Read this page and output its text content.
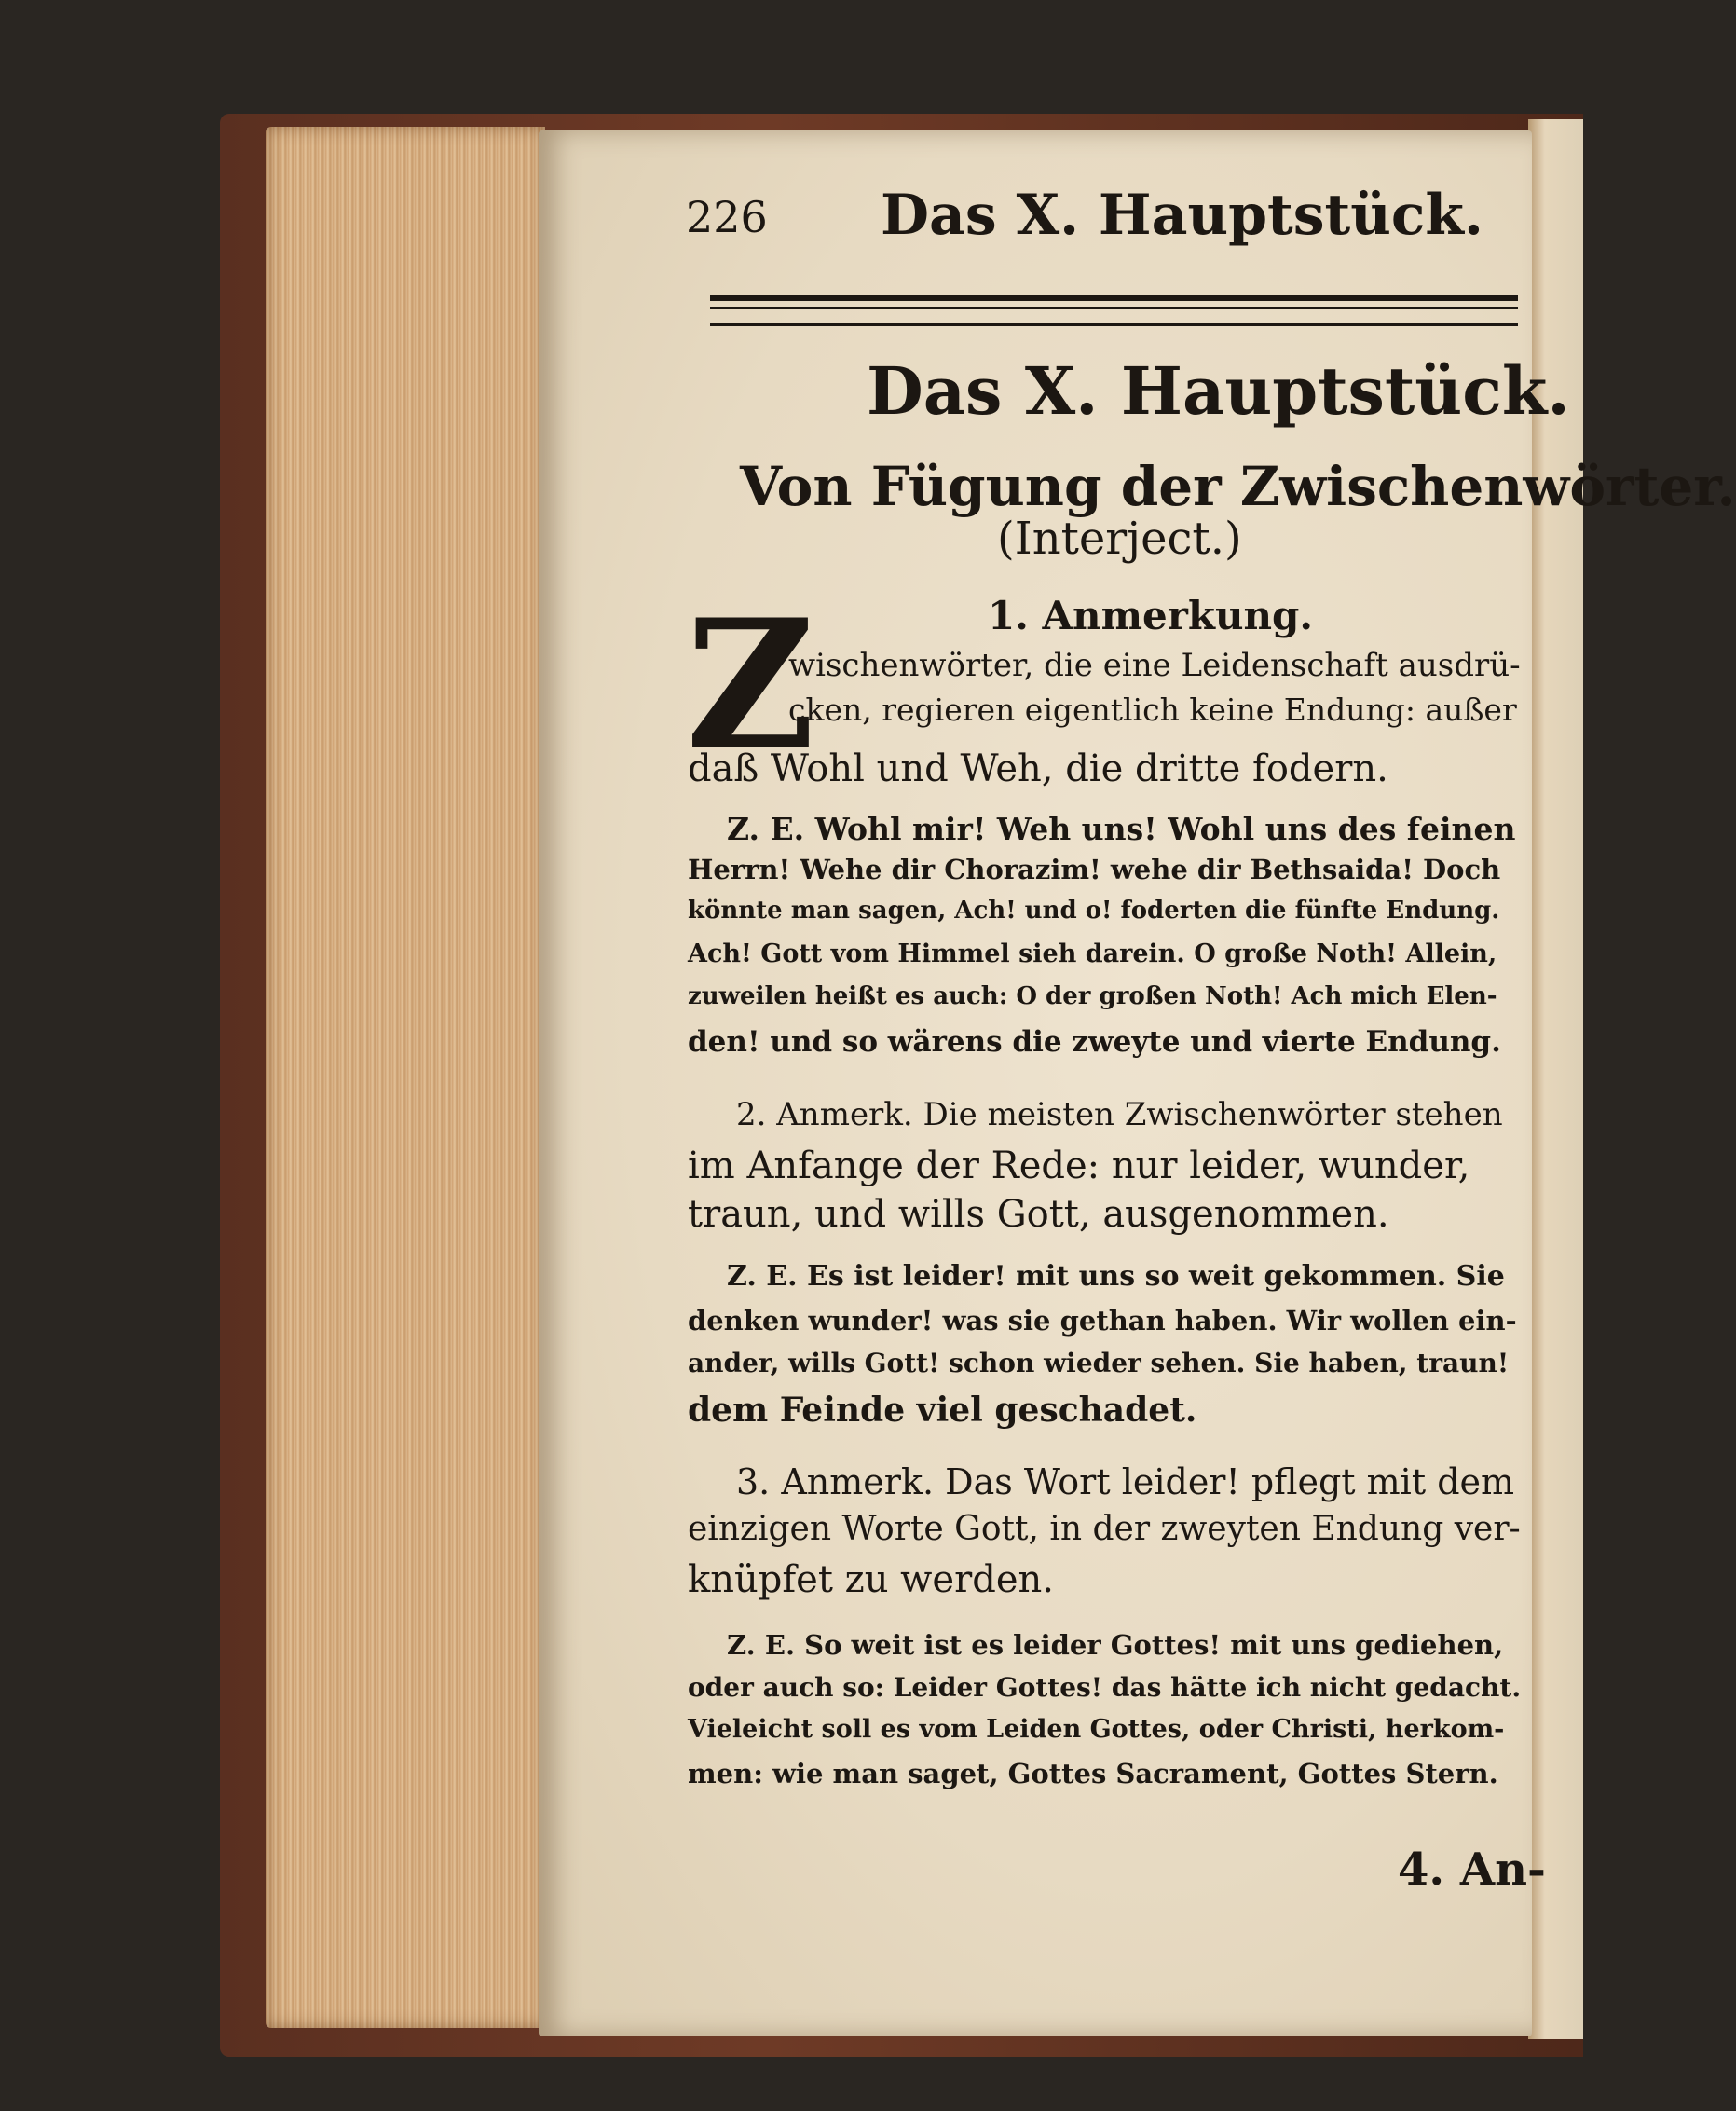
226 Das X. Hauptstück.
Das X. Hauptstück.
Von Fügung der Zwischenwörter.
(Interject.)
1. Anmerkung.
Z
wischenwörter, die eine Leidenschaft ausdrü-
cken, regieren eigentlich keine Endung: außer
daß Wohl und Weh, die dritte fodern.
Z. E. Wohl mir! Weh uns! Wohl uns des feinen
Herrn! Wehe dir Chorazim! wehe dir Bethsaida! Doch
könnte man sagen, Ach! und o! foderten die fünfte Endung.
Ach! Gott vom Himmel sieh darein. O große Noth! Allein,
zuweilen heißt es auch: O der großen Noth! Ach mich Elen-
den! und so wärens die zweyte und vierte Endung.
2. Anmerk. Die meisten Zwischenwörter stehen
im Anfange der Rede: nur leider, wunder,
traun, und wills Gott, ausgenommen.
Z. E. Es ist leider! mit uns so weit gekommen. Sie
denken wunder! was sie gethan haben. Wir wollen ein-
ander, wills Gott! schon wieder sehen. Sie haben, traun!
dem Feinde viel geschadet.
3. Anmerk. Das Wort leider! pflegt mit dem
einzigen Worte Gott, in der zweyten Endung ver-
knüpfet zu werden.
Z. E. So weit ist es leider Gottes! mit uns gediehen,
oder auch so: Leider Gottes! das hätte ich nicht gedacht.
Vieleicht soll es vom Leiden Gottes, oder Christi, herkom-
men: wie man saget, Gottes Sacrament, Gottes Stern.
4. An-
